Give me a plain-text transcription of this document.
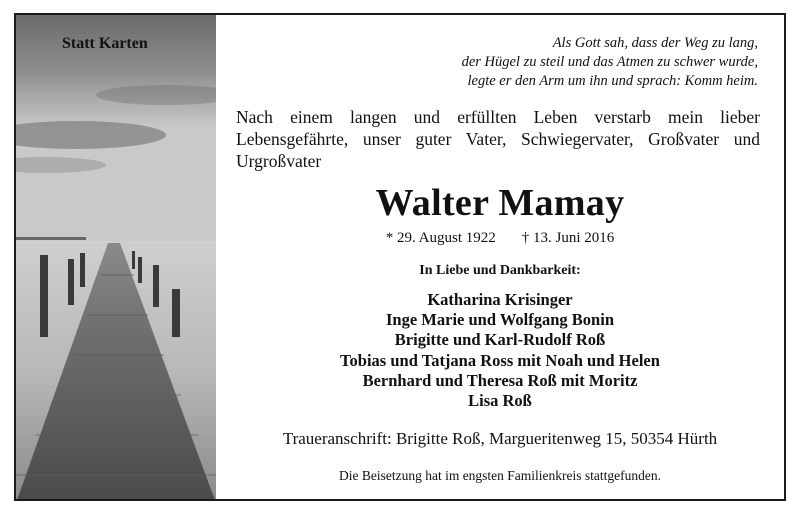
Statt Karten	Als Gott sah, dass der Weg zu lang,
der Hügel zu steil und das Atmen zu schwer wurde,
legte er den Arm um ihn und sprach: Komm heim.
Nach einem langen und erfüllten Leben verstarb mein lieber Lebensgefährte, unser guter Vater, Schwiegervater, Großvater und Urgroßvater
Walter Mamay
* 29. August 1922 † 13. Juni 2016
In Liebe und Dankbarkeit:
Katharina Krisinger
Inge Marie und Wolfgang Bonin
Brigitte und Karl-Rudolf Roß
Tobias und Tatjana Ross mit Noah und Helen
Bernhard und Theresa Roß mit Moritz
Lisa Roß
Traueranschrift: Brigitte Roß, Margueritenweg 15, 50354 Hürth
Die Beisetzung hat im engsten Familienkreis stattgefunden.
